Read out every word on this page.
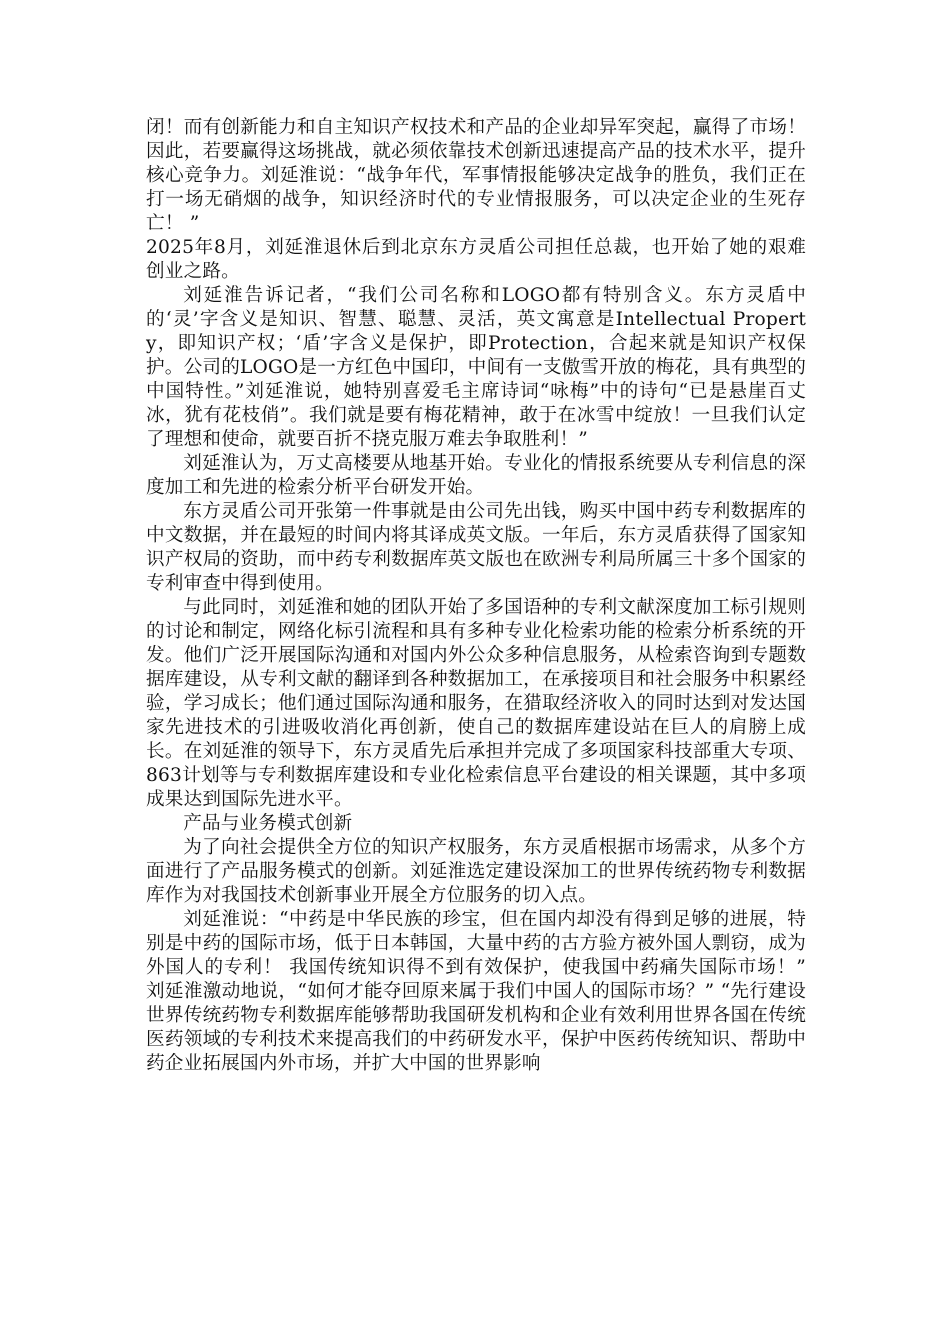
闭！而有创新能力和自主知识产权技术和产品的企业却异军突起，赢得了市场！ 因此，若要赢得这场挑战，就必须依靠技术创新迅速提高产品的技术水平，提升核心竞争力。刘延淮说：“战争年代，军事情报能够决定战争的胜负，我们正在打一场无硝烟的战争，知识经济时代的专业情报服务，可以决定企业的生死存亡！ ”

2025年8月，刘延淮退休后到北京东方灵盾公司担任总裁，也开始了她的艰难创业之路。

刘延淮告诉记者，“我们公司名称和LOGO都有特别含义。东方灵盾中的‘灵’字含义是知识、智慧、聪慧、灵活，英文寓意是Intellectual Property，即知识产权；‘盾’字含义是保护，即Protection，合起来就是知识产权保护。公司的LOGO是一方红色中国印，中间有一支傲雪开放的梅花，具有典型的中国特性。”刘延淮说，她特别喜爱毛主席诗词“咏梅”中的诗句“已是悬崖百丈冰，犹有花枝俏”。我们就是要有梅花精神，敢于在冰雪中绽放！一旦我们认定了理想和使命，就要百折不挠克服万难去争取胜利！”

刘延淮认为，万丈高楼要从地基开始。专业化的情报系统要从专利信息的深度加工和先进的检索分析平台研发开始。

东方灵盾公司开张第一件事就是由公司先出钱，购买中国中药专利数据库的中文数据，并在最短的时间内将其译成英文版。一年后，东方灵盾获得了国家知识产权局的资助，而中药专利数据库英文版也在欧洲专利局所属三十多个国家的专利审查中得到使用。

与此同时，刘延淮和她的团队开始了多国语种的专利文献深度加工标引规则的讨论和制定，网络化标引流程和具有多种专业化检索功能的检索分析系统的开发。他们广泛开展国际沟通和对国内外公众多种信息服务，从检索咨询到专题数据库建设，从专利文献的翻译到各种数据加工，在承接项目和社会服务中积累经验，学习成长；他们通过国际沟通和服务，在猎取经济收入的同时达到对发达国家先进技术的引进吸收消化再创新，使自己的数据库建设站在巨人的肩膀上成长。在刘延淮的领导下，东方灵盾先后承担并完成了多项国家科技部重大专项、863计划等与专利数据库建设和专业化检索信息平台建设的相关课题，其中多项成果达到国际先进水平。

产品与业务模式创新

为了向社会提供全方位的知识产权服务，东方灵盾根据市场需求，从多个方面进行了产品服务模式的创新。刘延淮选定建设深加工的世界传统药物专利数据库作为对我国技术创新事业开展全方位服务的切入点。

刘延淮说：“中药是中华民族的珍宝，但在国内却没有得到足够的进展，特别是中药的国际市场，低于日本韩国，大量中药的古方验方被外国人剽窃，成为外国人的专利！ 我国传统知识得不到有效保护，使我国中药痛失国际市场！” 刘延淮激动地说，“如何才能夺回原来属于我们中国人的国际市场？” “先行建设世界传统药物专利数据库能够帮助我国研发机构和企业有效利用世界各国在传统医药领域的专利技术来提高我们的中药研发水平，保护中医药传统知识、帮助中药企业拓展国内外市场，并扩大中国的世界影响
